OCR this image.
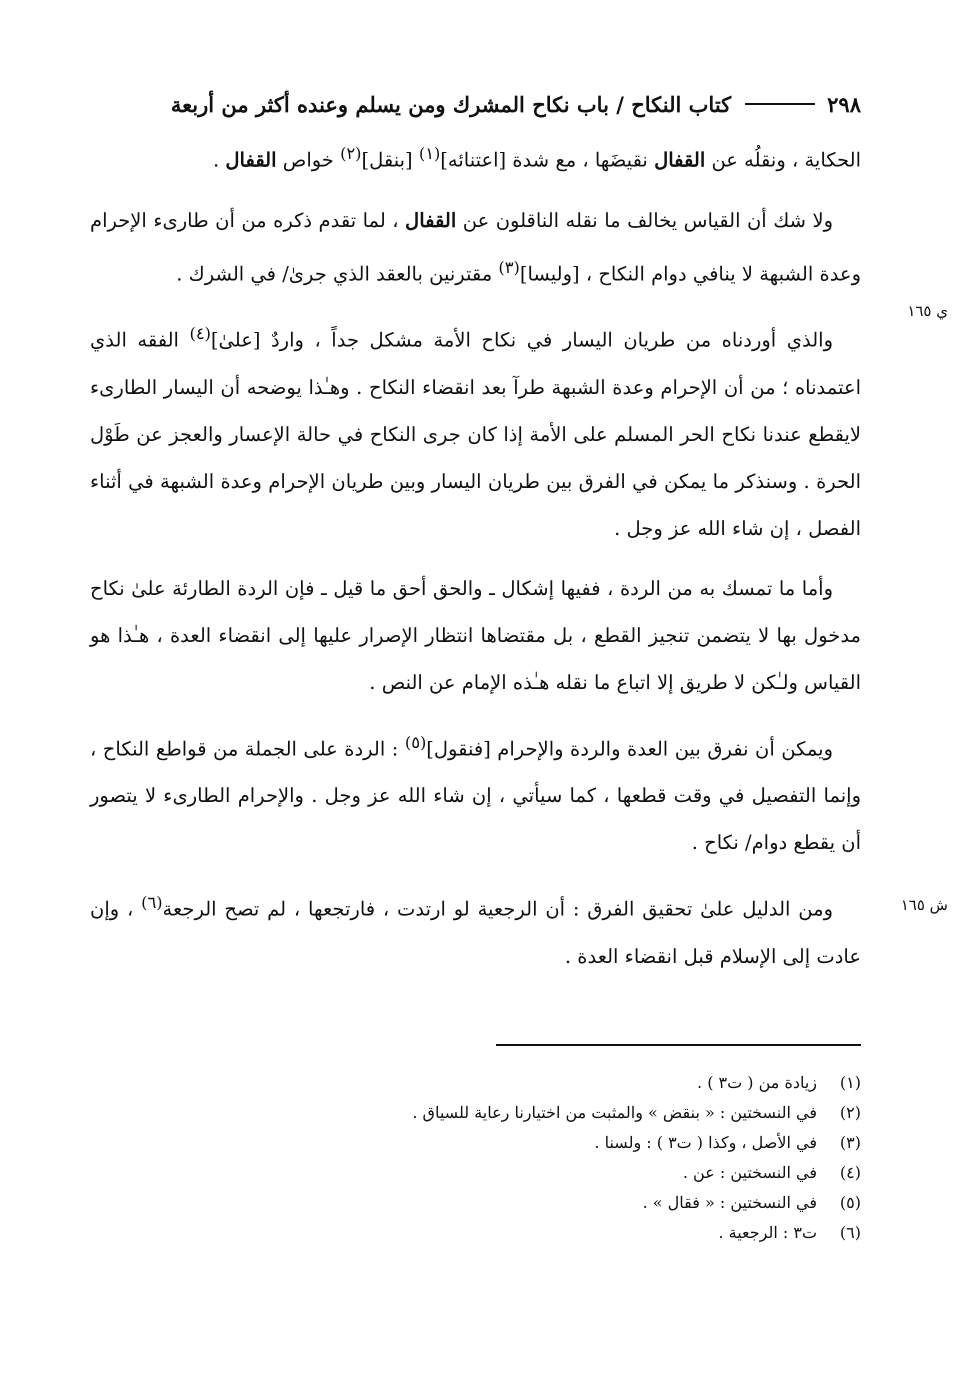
٢٩٨
كتاب النكاح / باب نكاح المشرك ومن يسلم وعنده أكثر من أربعة

الحكاية ، ونقلُه عن القفال نقيضَها ، مع شدة [اعتنائه]$^{(١)}$ [بنقل]$^{(٢)}$ خواص القفال .

ولا شك أن القياس يخالف ما نقله الناقلون عن القفال ، لما تقدم ذكره من أن طارىء الإحرام وعدة الشبهة لا ينافي دوام النكاح ، [وليسا]$^{(٣)}$ مقترنين بالعقد الذي جرىٰ/ في الشرك .

والذي أوردناه من طريان اليسار في نكاح الأمة مشكل جداً ، واردٌ [علىٰ]$^{(٤)}$ الفقه الذي اعتمدناه ؛ من أن الإحرام وعدة الشبهة طرآ بعد انقضاء النكاح . وهـٰذا يوضحه أن اليسار الطارىء لايقطع عندنا نكاح الحر المسلم على الأمة إذا كان جرى النكاح في حالة الإعسار والعجز عن طَوْل الحرة . وسنذكر ما يمكن في الفرق بين طريان اليسار وبين طريان الإحرام وعدة الشبهة في أثناء الفصل ، إن شاء الله عز وجل .

وأما ما تمسك به من الردة ، ففيها إشكال ـ والحق أحق ما قيل ـ فإن الردة الطارئة علىٰ نكاح مدخول بها لا يتضمن تنجيز القطع ، بل مقتضاها انتظار الإصرار عليها إلى انقضاء العدة ، هـٰذا هو القياس ولـٰكن لا طريق إلا اتباع ما نقله هـٰذه الإمام عن النص .

ويمكن أن نفرق بين العدة والردة والإحرام [فنقول]$^{(٥)}$ : الردة على الجملة من قواطع النكاح ، وإنما التفصيل في وقت قطعها ، كما سيأتي ، إن شاء الله عز وجل . والإحرام الطارىء لا يتصور أن يقطع دوام/ نكاح .

ومن الدليل علىٰ تحقيق الفرق : أن الرجعية لو ارتدت ، فارتجعها ، لم تصح الرجعة$^{(٦)}$ ، وإن عادت إلى الإسلام قبل انقضاء العدة .

ي ١٦٥
ش ١٦٥
(١)
زيادة من ( ت٣ ) .
(٢)
في النسختين : « بنقض » والمثبت من اختيارنا رعاية للسياق .
(٣)
في الأصل ، وكذا ( ت٣ ) : ولسنا .
(٤)
في النسختين : عن .
(٥)
في النسختين : « فقال » .
(٦)
ت٣ : الرجعية .
